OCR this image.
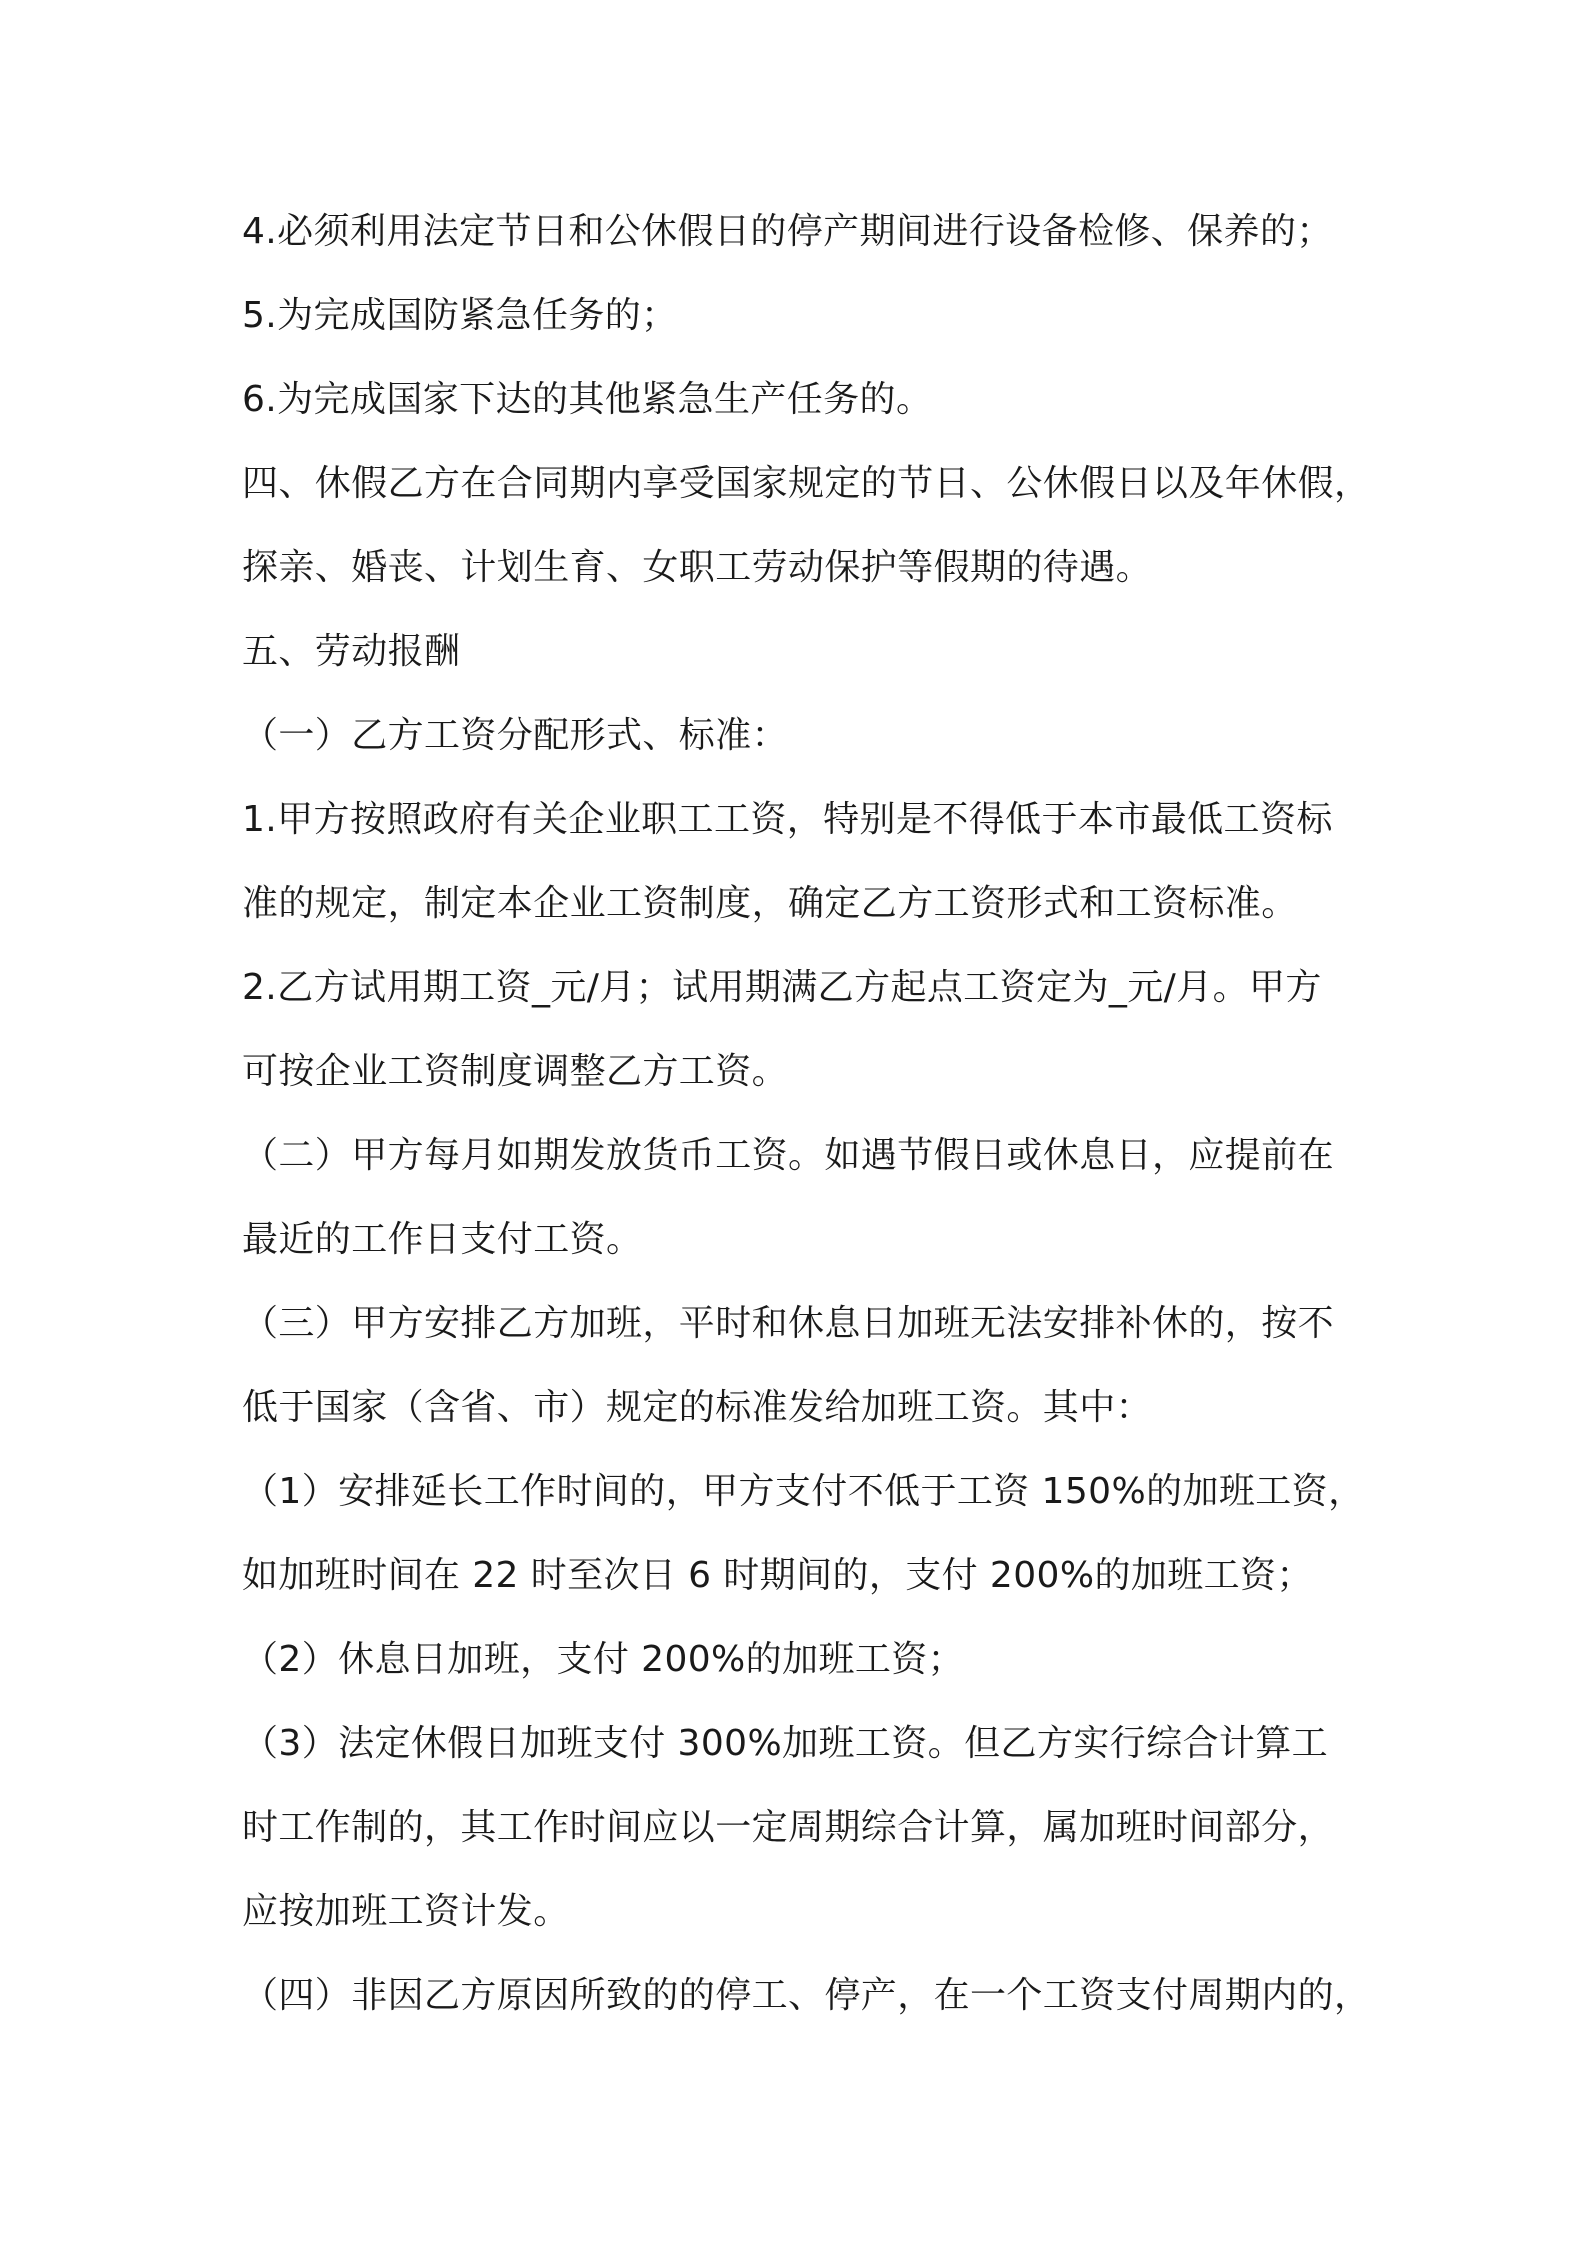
4.必须利用法定节日和公休假日的停产期间进行设备检修、保养的；
5.为完成国防紧急任务的；
6.为完成国家下达的其他紧急生产任务的。
四、休假乙方在合同期内享受国家规定的节日、公休假日以及年休假，
探亲、婚丧、计划生育、女职工劳动保护等假期的待遇。
五、劳动报酬
（一）乙方工资分配形式、标准：
1.甲方按照政府有关企业职工工资，特别是不得低于本市最低工资标
准的规定，制定本企业工资制度，确定乙方工资形式和工资标准。
2.乙方试用期工资_元/月；试用期满乙方起点工资定为_元/月。甲方
可按企业工资制度调整乙方工资。
（二）甲方每月如期发放货币工资。如遇节假日或休息日，应提前在
最近的工作日支付工资。
（三）甲方安排乙方加班，平时和休息日加班无法安排补休的，按不
低于国家（含省、市）规定的标准发给加班工资。其中：
（1）安排延长工作时间的，甲方支付不低于工资 150%的加班工资，
如加班时间在 22 时至次日 6 时期间的，支付 200%的加班工资；
（2）休息日加班，支付 200%的加班工资；
（3）法定休假日加班支付 300%加班工资。但乙方实行综合计算工
时工作制的，其工作时间应以一定周期综合计算，属加班时间部分，
应按加班工资计发。
（四）非因乙方原因所致的的停工、停产，在一个工资支付周期内的，
